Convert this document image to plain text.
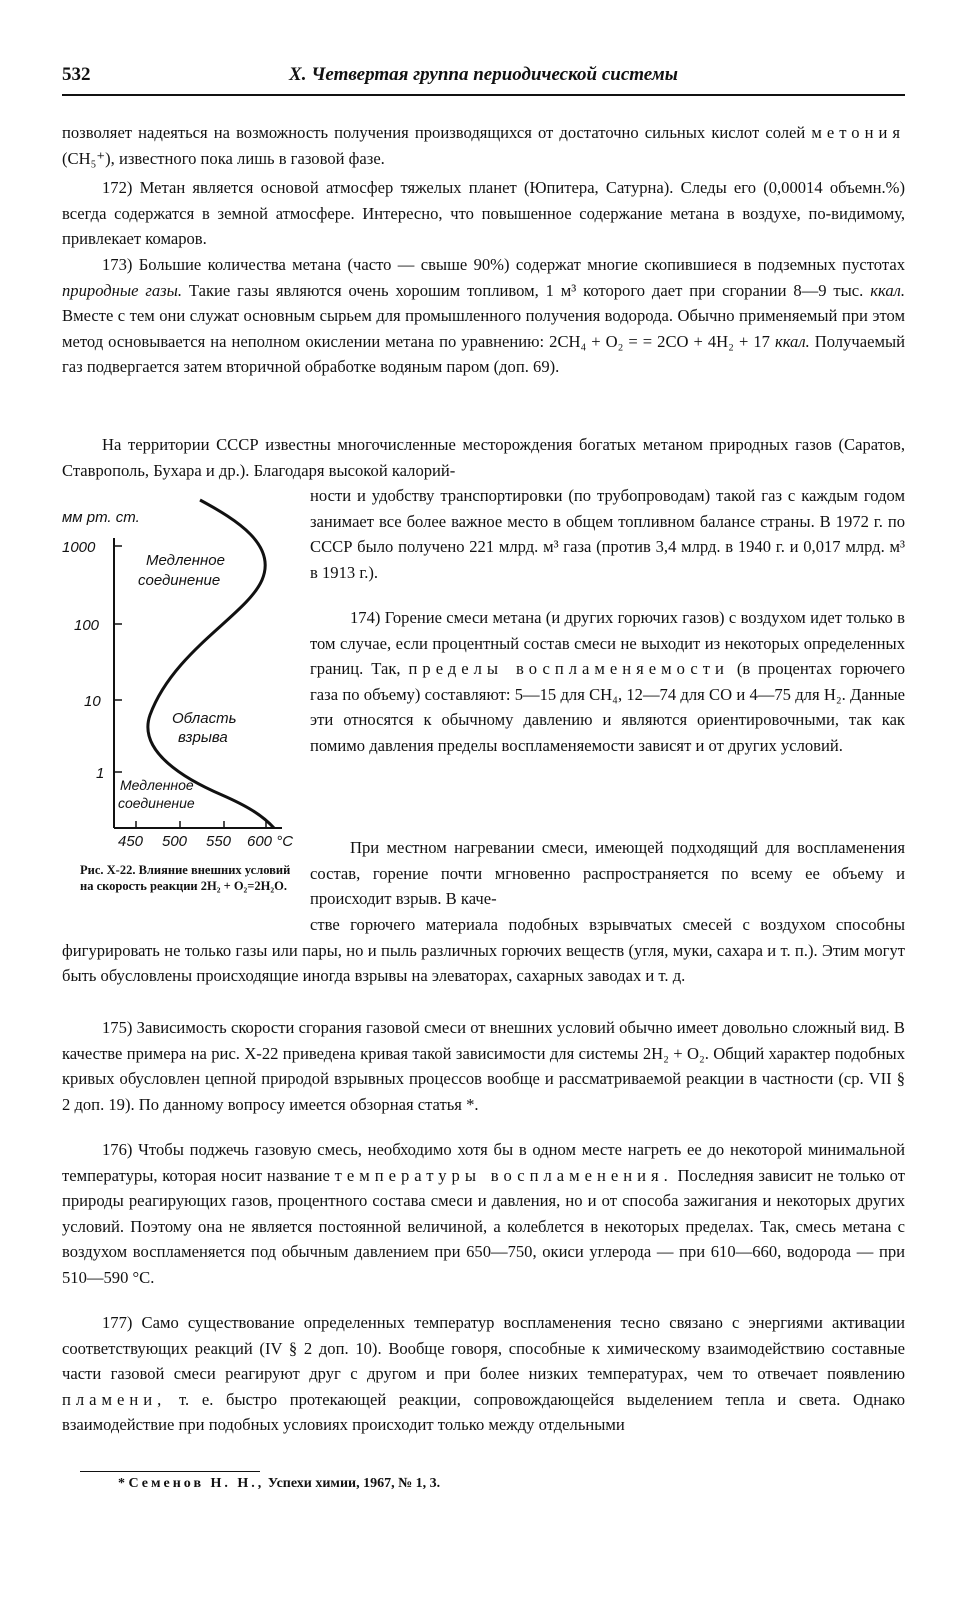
532	X. Четвертая группа периодической системы

позволяет надеяться на возможность получения производящихся от достаточно сильных кислот солей метония (CH₅⁺), известного пока лишь в газовой фазе.

172) Метан является основой атмосфер тяжелых планет (Юпитера, Сатурна). Следы его (0,00014 объемн.%) всегда содержатся в земной атмосфере. Интересно, что повышенное содержание метана в воздухе, по-видимому, привлекает комаров.

173) Большие количества метана (часто — свыше 90%) содержат многие скопившиеся в подземных пустотах природные газы. Такие газы являются очень хорошим топливом, 1 м³ которого дает при сгорании 8—9 тыс. ккал. Вместе с тем они служат основным сырьем для промышленного получения водорода. Обычно применяемый при этом метод основывается на неполном окислении метана по уравнению: 2CH₄ + O₂ = = 2CO + 4H₂ + 17 ккал. Получаемый газ подвергается затем вторичной обработке водяным паром (доп. 69).

На территории СССР известны многочисленные месторождения богатых метаном природных газов (Саратов, Ставрополь, Бухара и др.). Благодаря высокой калорий-

ности и удобству транспортировки (по трубопроводам) такой газ с каждым годом занимает все более важное место в общем топливном балансе страны. В 1972 г. по СССР было получено 221 млрд. м³ газа (против 3,4 млрд. в 1940 г. и 0,017 млрд. м³ в 1913 г.).

174) Горение смеси метана (и других горючих газов) с воздухом идет только в том случае, если процентный состав смеси не выходит из некоторых определенных границ. Так, пределы воспламеняемости (в процентах горючего газа по объему) составляют: 5—15 для CH₄, 12—74 для CO и 4—75 для H₂. Данные эти относятся к обычному давлению и являются ориентировочными, так как помимо давления пределы воспламеняемости зависят и от других условий.

При местном нагревании смеси, имеющей подходящий для воспламенения состав, горение почти мгновенно распространяется по всему ее объему и происходит взрыв. В каче-

стве горючего материала подобных взрывчатых смесей с воздухом способны фигурировать не только газы или пары, но и пыль различных горючих веществ (угля, муки, сахара и т. п.). Этим могут быть обусловлены происходящие иногда взрывы на элеваторах, сахарных заводах и т. д.

175) Зависимость скорости сгорания газовой смеси от внешних условий обычно имеет довольно сложный вид. В качестве примера на рис. X-22 приведена кривая такой зависимости для системы 2H₂ + O₂. Общий характер подобных кривых обусловлен цепной природой взрывных процессов вообще и рассматриваемой реакции в частности (ср. VII § 2 доп. 19). По данному вопросу имеется обзорная статья *.

176) Чтобы поджечь газовую смесь, необходимо хотя бы в одном месте нагреть ее до некоторой минимальной температуры, которая носит название температуры воспламенения. Последняя зависит не только от природы реагирующих газов, процентного состава смеси и давления, но и от способа зажигания и некоторых других условий. Поэтому она не является постоянной величиной, а колеблется в некоторых пределах. Так, смесь метана с воздухом воспламеняется под обычным давлением при 650—750, окиси углерода — при 610—660, водорода — при 510—590 °С.

177) Само существование определенных температур воспламенения тесно связано с энергиями активации соответствующих реакций (IV § 2 доп. 10). Вообще говоря, способные к химическому взаимодействию составные части газовой смеси реагируют друг с другом и при более низких температурах, чем то отвечает появлению пламени, т. е. быстро протекающей реакции, сопровождающейся выделением тепла и света. Однако взаимодействие при подобных условиях происходит только между отдельными

мм рт. ст.
1000
100
10
1
450 500 550 600 °C
Медленное
соединение
Область
взрыва
Медленное
соединение

Рис. X-22. Влияние внешних условий на скорость реакции 2H₂ + O₂=2H₂O.

* Семенов Н. Н., Успехи химии, 1967, № 1, 3.
